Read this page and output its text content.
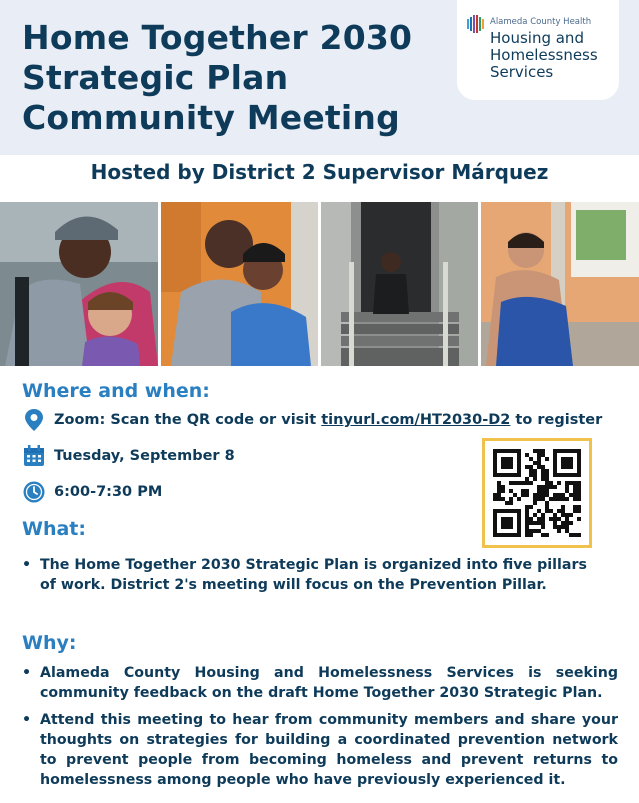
Home Together 2030
Strategic Plan
Community Meeting
Alameda County Health
Housing and Homelessness Services
Hosted by District 2 Supervisor Márquez
Where and when:
Zoom: Scan the QR code or visit tinyurl.com/HT2030-D2 to register
Tuesday, September 8
6:00-7:30 PM
What:
• The Home Together 2030 Strategic Plan is organized into five pillars of work. District 2's meeting will focus on the Prevention Pillar.
Why:
• Alameda County Housing and Homelessness Services is seeking community feedback on the draft Home Together 2030 Strategic Plan.
• Attend this meeting to hear from community members and share your thoughts on strategies for building a coordinated prevention network to prevent people from becoming homeless and prevent returns to homelessness among people who have previously experienced it.
